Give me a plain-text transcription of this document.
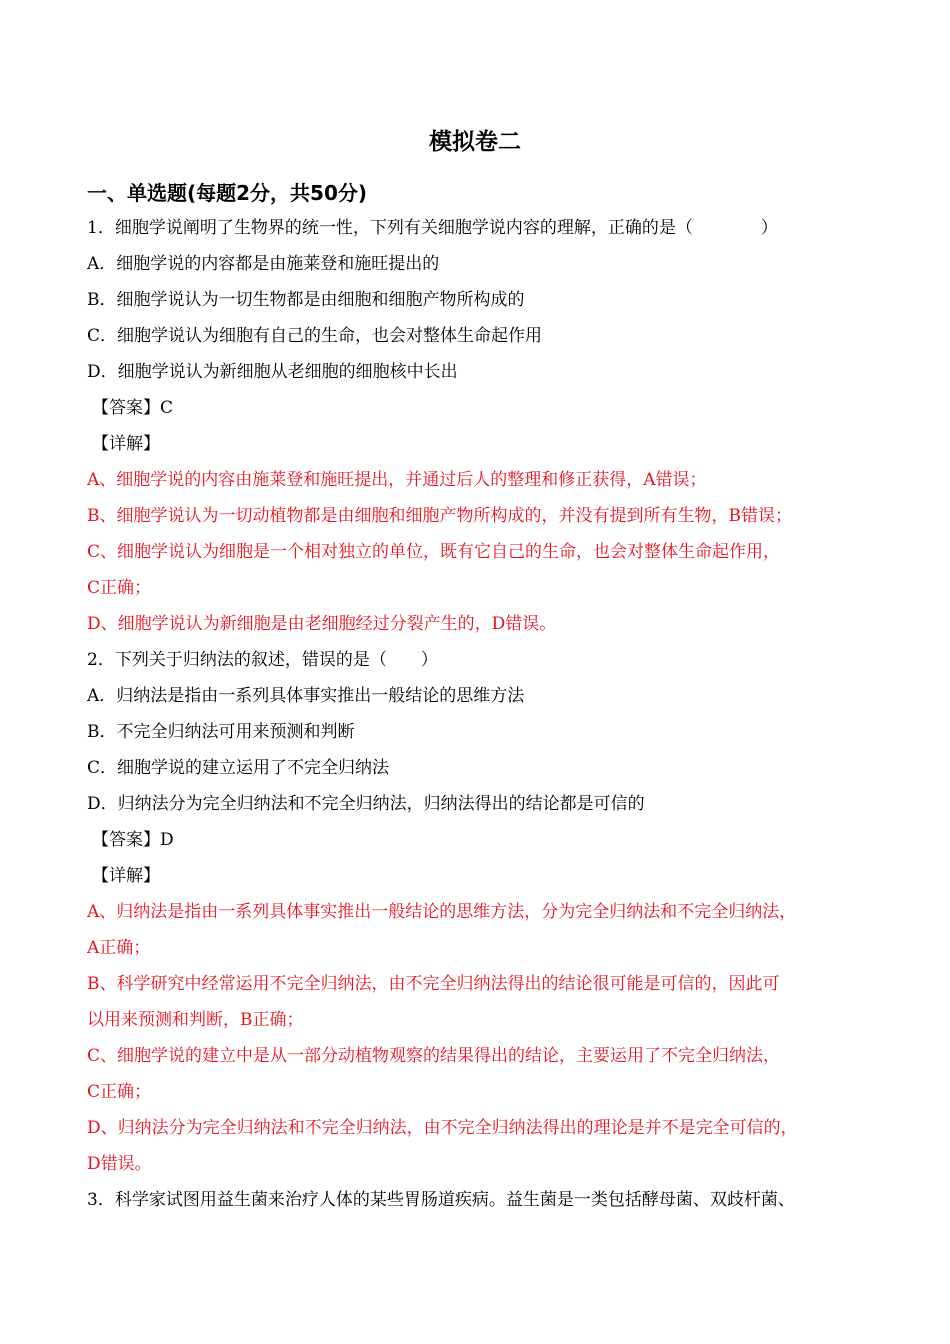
模拟卷二
一、单选题(每题2分，共50分)
1．细胞学说阐明了生物界的统一性，下列有关细胞学说内容的理解，正确的是（　　　　）
A．细胞学说的内容都是由施莱登和施旺提出的
B．细胞学说认为一切生物都是由细胞和细胞产物所构成的
C．细胞学说认为细胞有自己的生命，也会对整体生命起作用
D．细胞学说认为新细胞从老细胞的细胞核中长出
【答案】C
【详解】
A、细胞学说的内容由施莱登和施旺提出，并通过后人的整理和修正获得，A错误；
B、细胞学说认为一切动植物都是由细胞和细胞产物所构成的，并没有提到所有生物，B错误；
C、细胞学说认为细胞是一个相对独立的单位，既有它自己的生命，也会对整体生命起作用，
C正确；
D、细胞学说认为新细胞是由老细胞经过分裂产生的，D错误。
2．下列关于归纳法的叙述，错误的是（　　）
A．归纳法是指由一系列具体事实推出一般结论的思维方法
B．不完全归纳法可用来预测和判断
C．细胞学说的建立运用了不完全归纳法
D．归纳法分为完全归纳法和不完全归纳法，归纳法得出的结论都是可信的
【答案】D
【详解】
A、归纳法是指由一系列具体事实推出一般结论的思维方法，分为完全归纳法和不完全归纳法，
A正确；
B、科学研究中经常运用不完全归纳法，由不完全归纳法得出的结论很可能是可信的，因此可
以用来预测和判断，B正确；
C、细胞学说的建立中是从一部分动植物观察的结果得出的结论，主要运用了不完全归纳法，
C正确；
D、归纳法分为完全归纳法和不完全归纳法，由不完全归纳法得出的理论是并不是完全可信的，
D错误。
3．科学家试图用益生菌来治疗人体的某些胃肠道疾病。益生菌是一类包括酵母菌、双歧杆菌、
